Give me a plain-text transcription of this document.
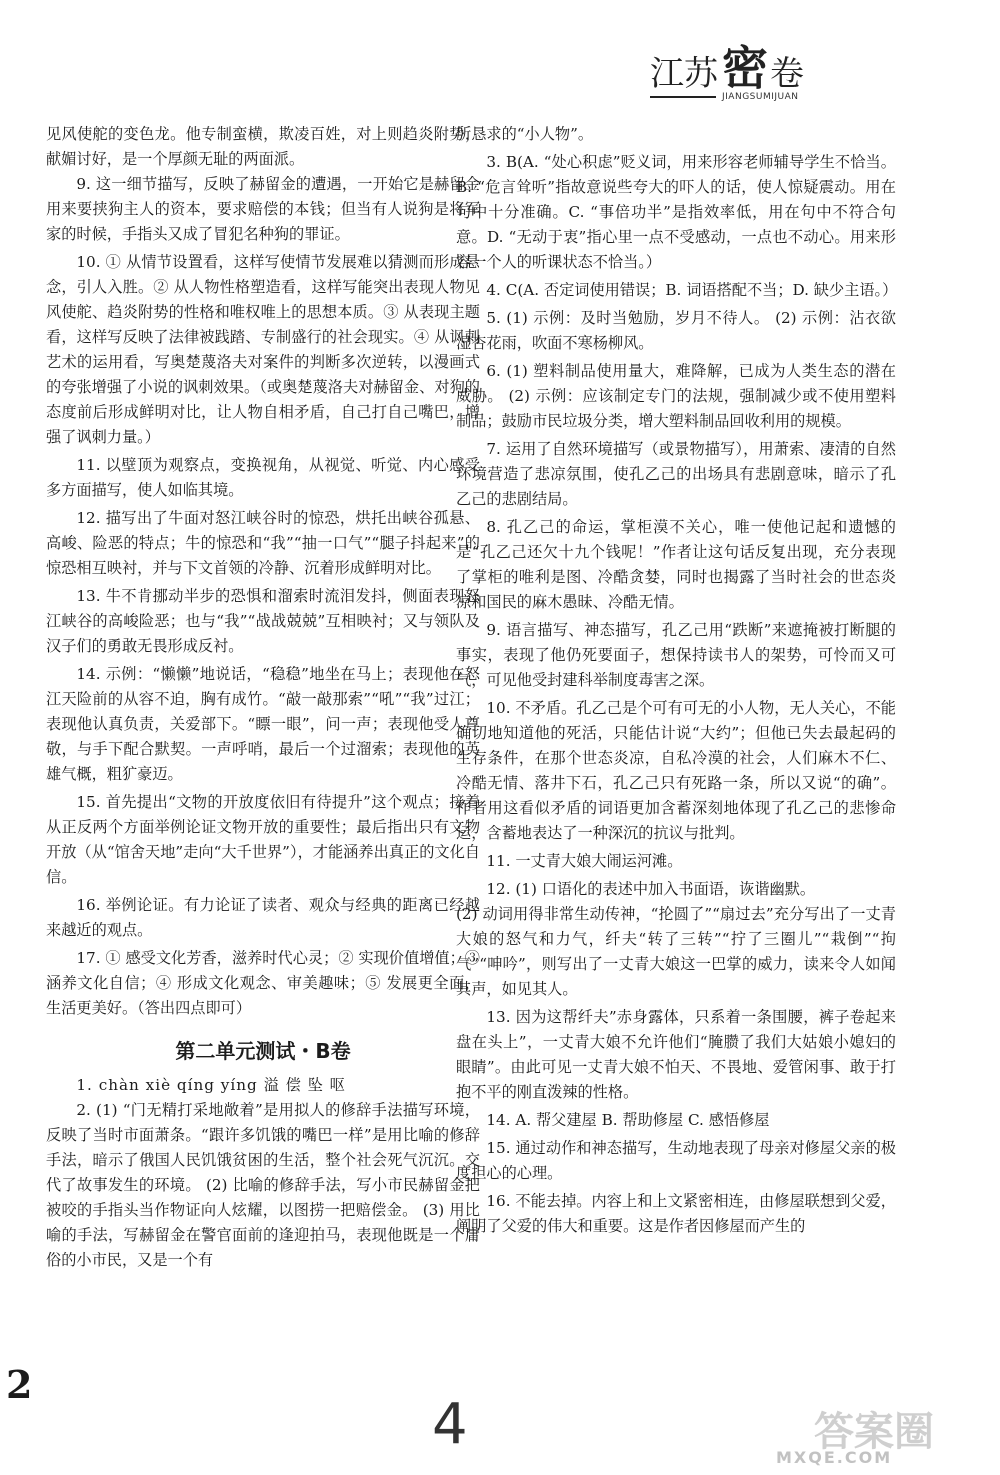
江 苏 密 卷
JIANGSUMIJUAN

见风使舵的变色龙。他专制蛮横，欺凌百姓，对上则趋炎附势，献媚讨好，是一个厚颜无耻的两面派。

9. 这一细节描写，反映了赫留金的遭遇，一开始它是赫留金用来要挟狗主人的资本，要求赔偿的本钱；但当有人说狗是将军家的时候，手指头又成了冒犯名种狗的罪证。

10. ① 从情节设置看，这样写使情节发展难以猜测而形成悬念，引人入胜。② 从人物性格塑造看，这样写能突出表现人物见风使舵、趋炎附势的性格和唯权唯上的思想本质。③ 从表现主题看，这样写反映了法律被践踏、专制盛行的社会现实。④ 从讽刺艺术的运用看，写奥楚蔑洛夫对案件的判断多次逆转，以漫画式的夸张增强了小说的讽刺效果。（或奥楚蔑洛夫对赫留金、对狗的态度前后形成鲜明对比，让人物自相矛盾，自己打自己嘴巴，增强了讽刺力量。）

11. 以壁顶为观察点，变换视角，从视觉、听觉、内心感受多方面描写，使人如临其境。

12. 描写出了牛面对怒江峡谷时的惊恐，烘托出峡谷孤悬、高峻、险恶的特点；牛的惊恐和“我”“抽一口气”“腿子抖起来”的惊恐相互映衬，并与下文首领的冷静、沉着形成鲜明对比。

13. 牛不肯挪动半步的恐惧和溜索时流泪发抖，侧面表现怒江峡谷的高峻险恶；也与“我”“战战兢兢”互相映衬；又与领队及汉子们的勇敢无畏形成反衬。

14. 示例：“懒懒”地说话，“稳稳”地坐在马上；表现他在怒江天险前的从容不迫，胸有成竹。“敲一敲那索”“吼”“我”过江；表现他认真负责，关爱部下。“瞟一眼”，问一声；表现他受人尊敬，与手下配合默契。一声呼哨，最后一个过溜索；表现他的英雄气概，粗犷豪迈。

15. 首先提出“文物的开放度依旧有待提升”这个观点；接着从正反两个方面举例论证文物开放的重要性；最后指出只有文物开放（从“馆舍天地”走向“大千世界”），才能涵养出真正的文化自信。

16. 举例论证。有力论证了读者、观众与经典的距离已经越来越近的观点。

17. ① 感受文化芳香，滋养时代心灵；② 实现价值增值；③ 涵养文化自信；④ 形成文化观念、审美趣味；⑤ 发展更全面，生活更美好。（答出四点即可）

第二单元测试・B卷

1. chàn xiè qíng yíng 溢 偿 坠 呕

2. (1) “门无精打采地敞着”是用拟人的修辞手法描写环境，反映了当时市面萧条。“跟许多饥饿的嘴巴一样”是用比喻的修辞手法，暗示了俄国人民饥饿贫困的生活，整个社会死气沉沉。交代了故事发生的环境。 (2) 比喻的修辞手法，写小市民赫留金把被咬的手指头当作物证向人炫耀，以图捞一把赔偿金。 (3) 用比喻的手法，写赫留金在警官面前的逢迎拍马，表现他既是一个庸俗的小市民，又是一个有

所恳求的“小人物”。

3. B(A. “处心积虑”贬义词，用来形容老师辅导学生不恰当。B. “危言耸听”指故意说些夸大的吓人的话，使人惊疑震动。用在句中十分准确。C. “事倍功半”是指效率低，用在句中不符合句意。D. “无动于衷”指心里一点不受感动，一点也不动心。用来形容一个人的听课状态不恰当。）

4. C(A. 否定词使用错误；B. 词语搭配不当；D. 缺少主语。）

5. (1) 示例：及时当勉励，岁月不待人。 (2) 示例：沾衣欲湿杏花雨，吹面不寒杨柳风。

6. (1) 塑料制品使用量大，难降解，已成为人类生态的潜在威胁。 (2) 示例：应该制定专门的法规，强制减少或不使用塑料制品；鼓励市民垃圾分类，增大塑料制品回收利用的规模。

7. 运用了自然环境描写（或景物描写），用萧索、凄清的自然环境营造了悲凉氛围，使孔乙己的出场具有悲剧意味，暗示了孔乙己的悲剧结局。

8. 孔乙己的命运，掌柜漠不关心，唯一使他记起和遗憾的是“孔乙己还欠十九个钱呢！”作者让这句话反复出现，充分表现了掌柜的唯利是图、冷酷贪婪，同时也揭露了当时社会的世态炎凉和国民的麻木愚昧、冷酷无情。

9. 语言描写、神态描写，孔乙己用“跌断”来遮掩被打断腿的事实，表现了他仍死要面子，想保持读书人的架势，可怜而又可气，可见他受封建科举制度毒害之深。

10. 不矛盾。孔乙己是个可有可无的小人物，无人关心，不能确切地知道他的死活，只能估计说“大约”；但他已失去最起码的生存条件，在那个世态炎凉，自私冷漠的社会，人们麻木不仁、冷酷无情、落井下石，孔乙己只有死路一条，所以又说“的确”。作者用这看似矛盾的词语更加含蓄深刻地体现了孔乙己的悲惨命运，含蓄地表达了一种深沉的抗议与批判。

11. 一丈青大娘大闹运河滩。

12. (1) 口语化的表述中加入书面语，诙谐幽默。

(2) 动词用得非常生动传神，“抡圆了”“扇过去”充分写出了一丈青大娘的怒气和力气，纤夫“转了三转”“拧了三圈儿”“栽倒”“拘气”“呻吟”，则写出了一丈青大娘这一巴掌的威力，读来令人如闻其声，如见其人。

13. 因为这帮纤夫”赤身露体，只系着一条围腰，裤子卷起来盘在头上”，一丈青大娘不允许他们“腌臜了我们大姑娘小媳妇的眼睛”。由此可见一丈青大娘不怕天、不畏地、爱管闲事、敢于打抱不平的刚直泼辣的性格。

14. A. 帮父建屋 B. 帮助修屋 C. 感悟修屋

15. 通过动作和神态描写，生动地表现了母亲对修屋父亲的极度担心的心理。

16. 不能去掉。内容上和上文紧密相连，由修屋联想到父爱，阐明了父爱的伟大和重要。这是作者因修屋而产生的

2
4	答案圈
MXQE.COM
